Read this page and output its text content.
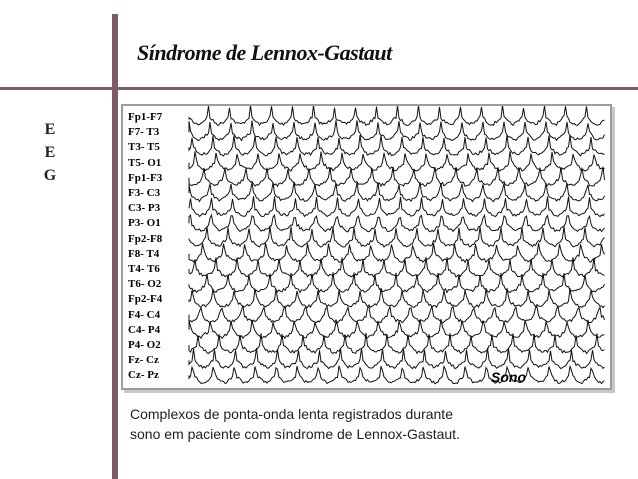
Síndrome de Lennox-Gastaut
E
E
G
Fp1-F7
F7- T3
T3- T5
T5- O1
Fp1-F3
F3- C3
C3- P3
P3- O1
Fp2-F8
F8- T4
T4- T6
T6- O2
Fp2-F4
F4- C4
C4- P4
P4- O2
Fz- Cz
Cz- Pz	Sono
Complexos de ponta-onda lenta registrados durante
sono em paciente com síndrome de Lennox-Gastaut.
